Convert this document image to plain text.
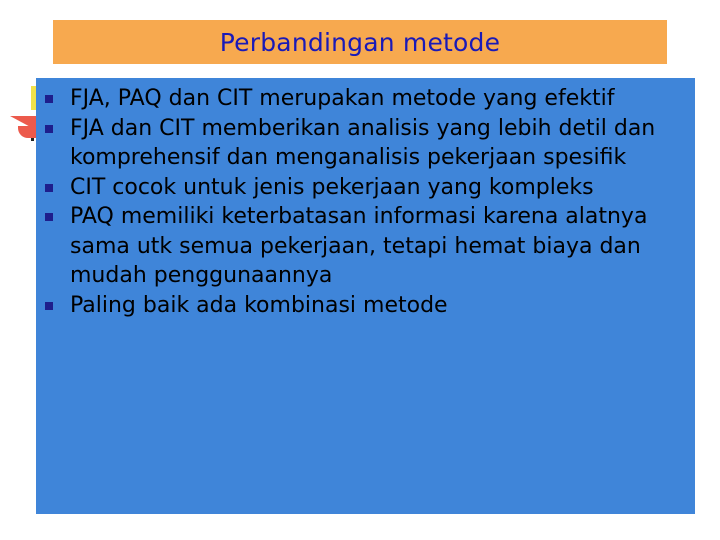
Perbandingan metode
FJA, PAQ dan CIT merupakan metode yang efektif
FJA dan CIT memberikan analisis yang lebih detil dan komprehensif dan menganalisis pekerjaan spesifik
CIT cocok untuk jenis pekerjaan yang kompleks
PAQ memiliki keterbatasan informasi karena alatnya sama utk semua pekerjaan, tetapi hemat biaya dan mudah penggunaannya
Paling baik ada kombinasi metode
